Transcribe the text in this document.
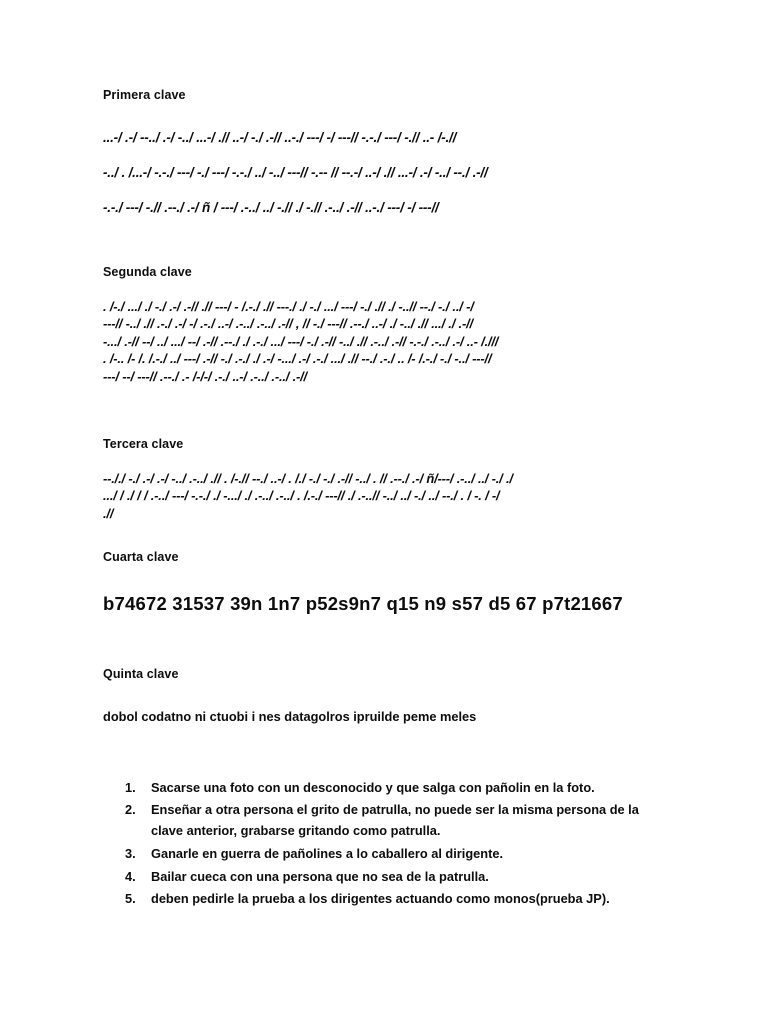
Primera clave
...-/ .-/ --../ .-/ -../ ...-/ .// ..-/ -./ .-// ..-./ ---/ -/ ---// -.-./ ---/ -.// ..- /-.//
-../ . /...-/ -.-./ ---/ -./ ---/ -.-./ ../ -../ ---// -.-- // --.-/ ..-/ .// ...-/ .-/ -../ --./ .-//
-.-./ ---/ -.// .--./ .-/ ñ / ---/ .-../ ../ -.// ./ -.// .-../ .-// ..-./ ---/ -/ ---//
Segunda clave
. /-./ .../ ./ -./ .-/ .-// .// ---/ - /.-./ .// ---./ ./ -./ .../ ---/ -./ .// ./ -..// --./ -./ ../ -/
---// -../ .// .-./ .-/ -/ .-./ ..-/ .-../ .-../ .-// , // -./ ---// .--./ ..-/ ./ -../ .// .../ ./ .-//
-.../ .-// --/ ../ .../ --/ .-// .--./ ./ .-./ .../ ---/ -./ .-// -../ .// .-../ .-// -.-./ .-../ .-/ ..- /.///
. /-.. /- /. /.-./ ../ ---/ .-// -./ .-./ ./ .-/ -.../ .-/ .-./ .../ .// --./ .-./ .. /- /.-./ -./ -../ ---//
---/ --/ ---// .--./ .- /-/-/ .-./ ..-/ .-../ .-../ .-//
Tercera clave
--././ -./ .-/ .-/ -../ .-../ .// . /-.// --./ ..-/ . /./ -./ -./ .-// -../ . // .--./ .-/ ñ/---/ .-../ ../ -./ ./
.../ / ./ / / .-../ ---/ -.-./ ./ -.../ ./ .-../ .-../ . /.-./ ---// ./ .-..// -../ ../ -./ ../ --./ . / -. / -/
.//
Cuarta clave
b74672 31537 39n 1n7 p52s9n7 q15 n9 s57 d5 67 p7t21667
Quinta clave
dobol codatno ni ctuobi i nes datagolros ipruilde peme meles
Sacarse una foto con un desconocido y que salga con pañolin en la foto.
Enseñar a otra persona el grito de patrulla, no puede ser la misma persona de la clave anterior, grabarse gritando como patrulla.
Ganarle en guerra de pañolines a lo caballero al dirigente.
Bailar cueca con una persona que no sea de la patrulla.
deben pedirle la prueba a los dirigentes actuando como monos(prueba JP).
